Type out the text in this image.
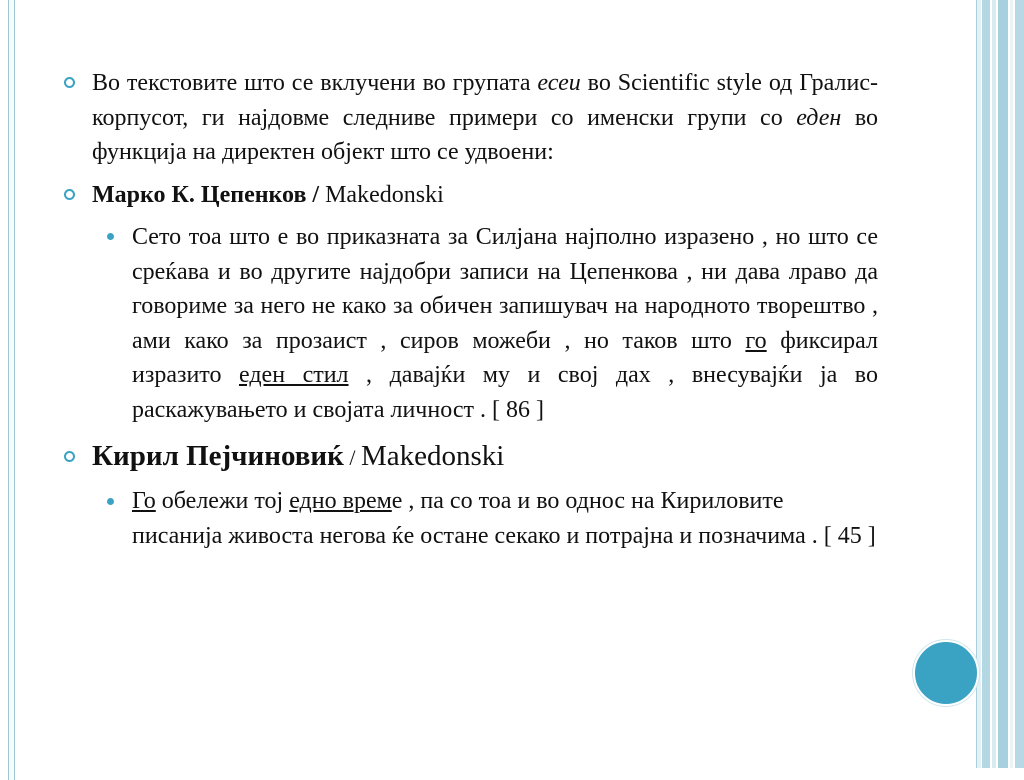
Во текстовите што се вклучени во групата есеи во Scientific style од Гралис-корпусот, ги најдовме следниве примери со именски групи со еден во функција на директен објект што се удвоени:
Марко К. Цепенков / Makedonski
Сето тоа што е во приказната за Силјана најполно изразено , но што се среќава и во другите најдобри записи на Цепенкова , ни дава лраво да говориме за него не како за обичен запишувач на народното творештво , ами како за прозаист , сиров можеби , но таков што го фиксирал изразито еден стил , давајќи му и свој дах , внесувајќи ја во раскажувањето и својата личност . [ 86 ]
Кирил Пејчиновиќ / Makedonski
Го обележи тој едно време , па со тоа и во однос на Кириловите писанија живоста негова ќе остане секако и потрајна и позначима . [ 45 ]
